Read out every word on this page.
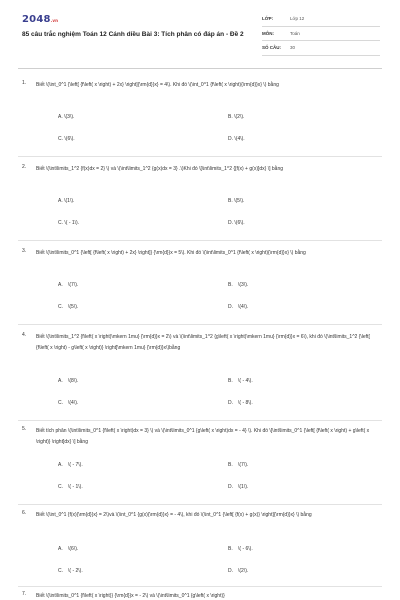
2048.vn
85 câu trắc nghiệm Toán 12 Cánh diều Bài 3: Tích phân có đáp án - Đề 2
LỚP:	Lớp 12
MÔN:	Toán
SỐ CÂU:	30
1. Biết \(\int_0^1 {\left[ {f\left( x \right) + 2x} \right]{\rm{d}}x} = 4\). Khi đó \(\int_0^1 {f\left( x \right){\rm{d}}x} \) bằng
A. \(3\).	B. \(2\).
C. \(6\).	D. \(4\).
2. Biết \(\int\limits_1^2 {f(x)dx = 2} \) và \(\int\limits_1^2 {g(x)dx = 3} .\)Khi đó \[\int\limits_1^2 {[f(x) + g(x)]dx} \] bằng
A. \(1\).	B. \(5\).
C. \( - 1\).	D. \(6\).
3. Biết \(\int\limits_0^1 {\left[ {f\left( x \right) + 2x} \right]} {\rm{d}}x = 5\). Khi đó \(\int\limits_0^1 {f\left( x \right){\rm{d}}x} \) bằng
A. \(7\).	B. \(3\).
C. \(5\).	D. \(4\).
4. Biết \(\int\limits_1^2 {f\left( x \right)\mkern 1mu} {\rm{d}}x = 2\) và \(\int\limits_1^2 {g\left( x \right)\mkern 1mu} {\rm{d}}x = 6\), khi đó \(\int\limits_1^2 {\left[ {f\left( x \right) - g\left( x \right)} \right]\mkern 1mu} {\rm{d}}x\)bằng
A. \(8\).	B. \( - 4\).
C. \(4\).	D. \( - 8\).
5. Biết tích phân \(\int\limits_0^1 {f\left( x \right)dx = 3} \) và \(\int\limits_0^1 {g\left( x \right)dx = - 4} \). Khi đó \[\int\limits_0^1 {\left[ {f\left( x \right) + g\left( x \right)} \right]dx} \] bằng
A. \( - 7\).	B. \(7\).
C. \( - 1\).	D. \(1\).
6. Biết \(\int_0^1 {f(x){\rm{d}}x} = 2\)và \(\int_0^1 {g(x){\rm{d}}x} = - 4\), khi đó \(\int_0^1 {\left[ {f(x) + g(x)} \right]{\rm{d}}x} \) bằng
A. \(6\).	B. \( - 6\).
C. \( - 2\).	D. \(2\).
7. Biết \(\int\limits_0^1 {f\left( x \right)} {\rm{d}}x = - 2\) và \(\int\limits_0^1 {g\left( x \right)}
